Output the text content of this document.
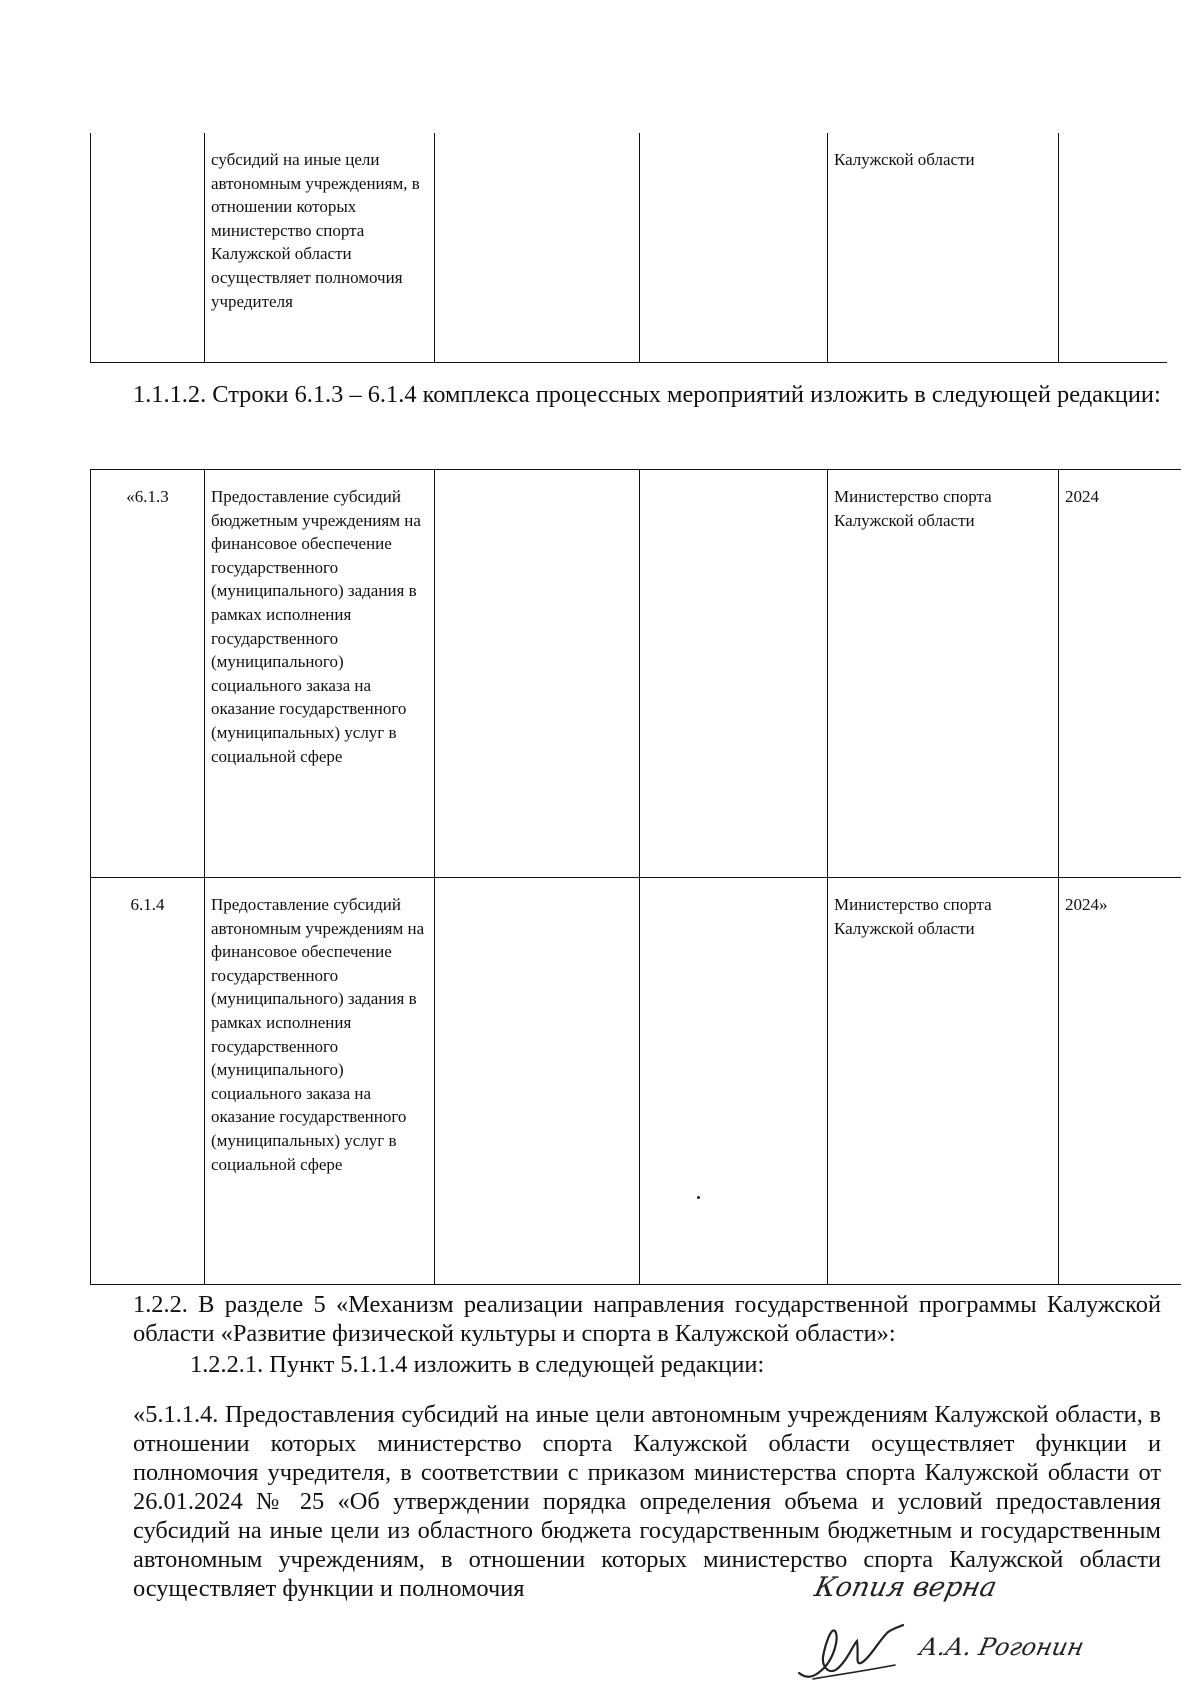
	субсидий на иные цели автономным учреждениям, в отношении которых министерство спорта Калужской области осуществляет полномочия учредителя			Калужской области	

1.1.1.2. Строки 6.1.3 – 6.1.4 комплекса процессных мероприятий изложить в следующей редакции:

«6.1.3	Предоставление субсидий бюджетным учреждениям на финансовое обеспечение государственного (муниципального) задания в рамках исполнения государственного (муниципального) социального заказа на оказание государственного (муниципальных) услуг в социальной сфере			Министерство спорта Калужской области	2024
6.1.4	Предоставление субсидий автономным учреждениям на финансовое обеспечение государственного (муниципального) задания в рамках исполнения государственного (муниципального) социального заказа на оказание государственного (муниципальных) услуг в социальной сфере			Министерство спорта Калужской области	2024»

1.2.2. В разделе 5 «Механизм реализации направления государственной программы Калужской области «Развитие физической культуры и спорта в Калужской области»:

1.2.2.1. Пункт 5.1.1.4 изложить в следующей редакции:

«5.1.1.4. Предоставления субсидий на иные цели автономным учреждениям Калужской области, в отношении которых министерство спорта Калужской области осуществляет функции и полномочия учредителя, в соответствии с приказом министерства спорта Калужской области от 26.01.2024 № 25 «Об утверждении порядка определения объема и условий предоставления субсидий на иные цели из областного бюджета государственным бюджетным и государственным автономным учреждениям, в отношении которых министерство спорта Калужской области осуществляет функции и полномочия	Копия верна
А.А. Рогонин
